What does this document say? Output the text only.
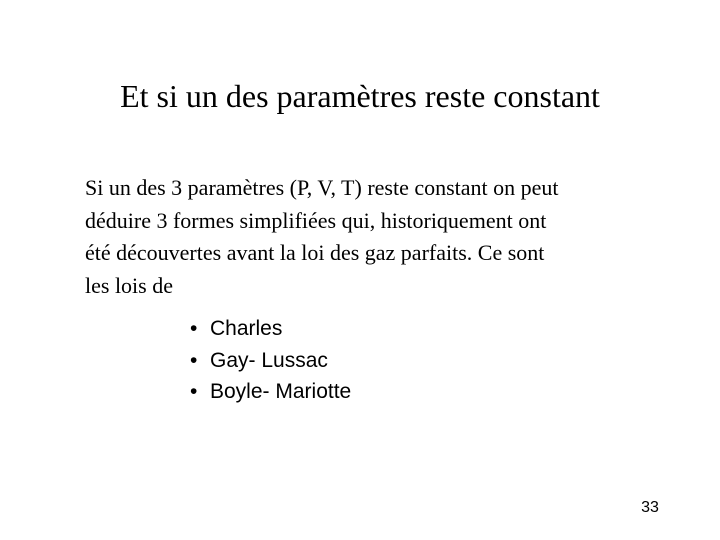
Et si un des paramètres reste constant
Si un des 3 paramètres (P, V, T) reste constant on peut
déduire 3 formes simplifiées qui, historiquement ont
été découvertes avant la loi des gaz parfaits. Ce sont
les lois de
• Charles
• Gay- Lussac
• Boyle- Mariotte
33
